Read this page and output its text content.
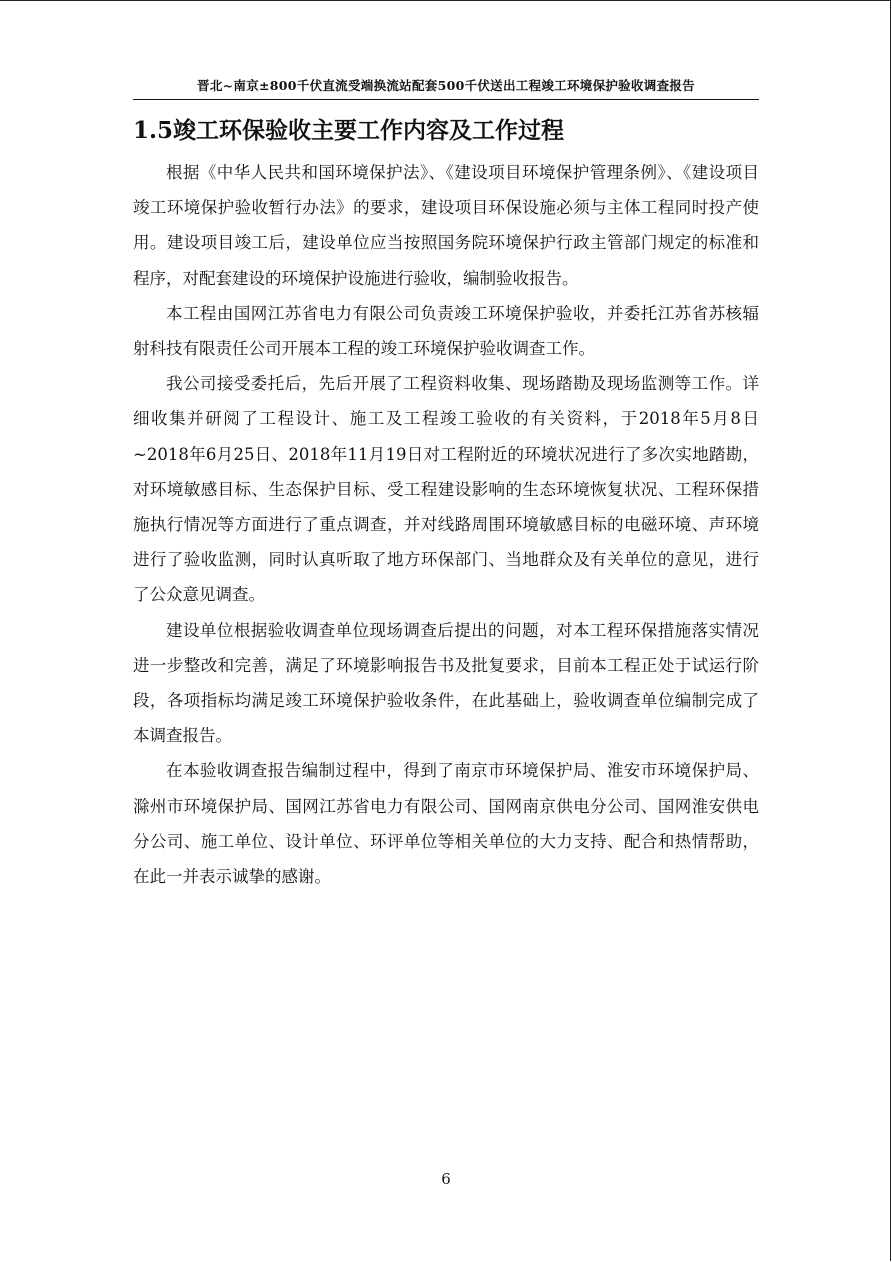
晋北~南京±800千伏直流受端换流站配套500千伏送出工程竣工环境保护验收调查报告
1.5竣工环保验收主要工作内容及工作过程

根据《中华人民共和国环境保护法》、《建设项目环境保护管理条例》、《建设项目竣工环境保护验收暂行办法》的要求，建设项目环保设施必须与主体工程同时投产使用。建设项目竣工后，建设单位应当按照国务院环境保护行政主管部门规定的标准和程序，对配套建设的环境保护设施进行验收，编制验收报告。

本工程由国网江苏省电力有限公司负责竣工环境保护验收，并委托江苏省苏核辐射科技有限责任公司开展本工程的竣工环境保护验收调查工作。

我公司接受委托后，先后开展了工程资料收集、现场踏勘及现场监测等工作。详细收集并研阅了工程设计、施工及工程竣工验收的有关资料，于2018年5月8日~2018年6月25日、2018年11月19日对工程附近的环境状况进行了多次实地踏勘，对环境敏感目标、生态保护目标、受工程建设影响的生态环境恢复状况、工程环保措施执行情况等方面进行了重点调查，并对线路周围环境敏感目标的电磁环境、声环境进行了验收监测，同时认真听取了地方环保部门、当地群众及有关单位的意见，进行了公众意见调查。

建设单位根据验收调查单位现场调查后提出的问题，对本工程环保措施落实情况进一步整改和完善，满足了环境影响报告书及批复要求，目前本工程正处于试运行阶段，各项指标均满足竣工环境保护验收条件，在此基础上，验收调查单位编制完成了本调查报告。

在本验收调查报告编制过程中，得到了南京市环境保护局、淮安市环境保护局、滁州市环境保护局、国网江苏省电力有限公司、国网南京供电分公司、国网淮安供电分公司、施工单位、设计单位、环评单位等相关单位的大力支持、配合和热情帮助，在此一并表示诚挚的感谢。

6
